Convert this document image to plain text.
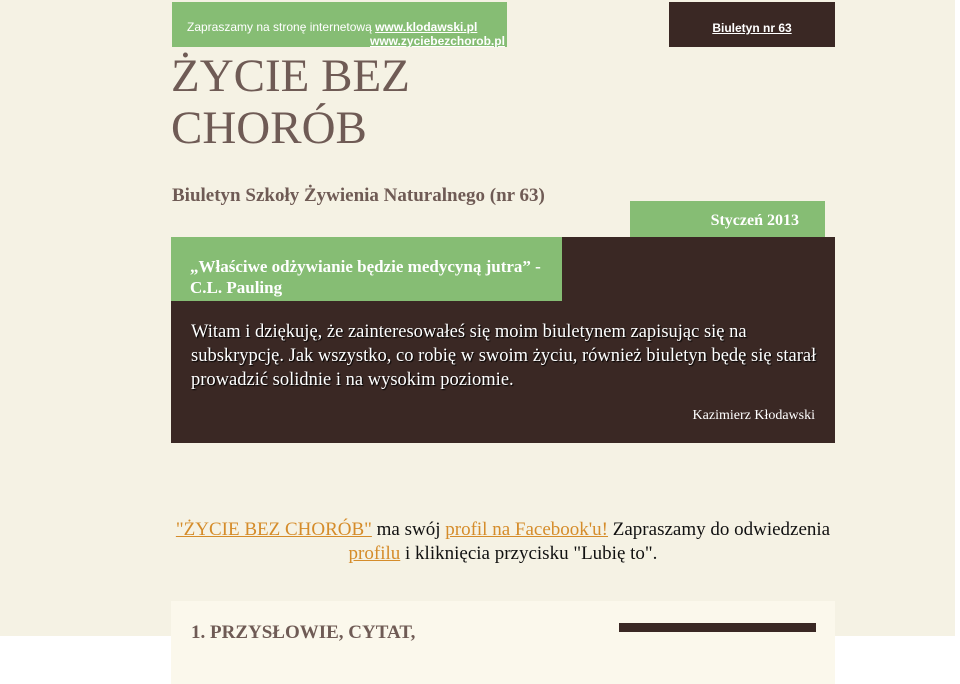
Zapraszamy na stronę internetową www.klodawski.pl
www.zyciebezchorob.pl
Biuletyn nr 63
ŻYCIE BEZ CHORÓB
Biuletyn Szkoły Żywienia Naturalnego (nr 63)
Styczeń 2013
„Właściwe odżywianie będzie medycyną jutra” - C.L. Pauling

Witam i dziękuję, że zainteresowałeś się moim biuletynem zapisując się na subskrypcję. Jak wszystko, co robię w swoim życiu, również biuletyn będę się starał prowadzić solidnie i na wysokim poziomie.

Kazimierz Kłodawski

"ŻYCIE BEZ CHORÓB" ma swój profil na Facebook'u! Zapraszamy do odwiedzenia profilu i kliknięcia przycisku "Lubię to".

1. PRZYSŁOWIE, CYTAT,
